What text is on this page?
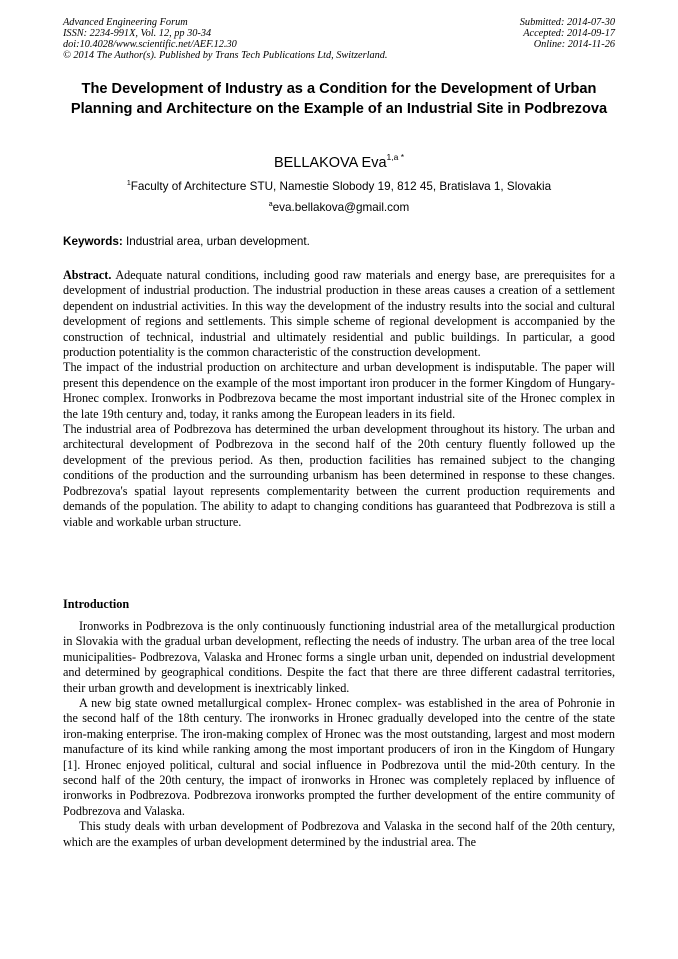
Advanced Engineering Forum
ISSN: 2234-991X, Vol. 12, pp 30-34
doi:10.4028/www.scientific.net/AEF.12.30
© 2014 The Author(s). Published by Trans Tech Publications Ltd, Switzerland.
Submitted: 2014-07-30
Accepted: 2014-09-17
Online: 2014-11-26
The Development of Industry as a Condition for the Development of Urban Planning and Architecture on the Example of an Industrial Site in Podbrezova
BELLAKOVA Eva$^{1,a *}$
$^1$Faculty of Architecture STU, Namestie Slobody 19, 812 45, Bratislava 1, Slovakia
$^a$eva.bellakova@gmail.com
Keywords: Industrial area, urban development.

Abstract. Adequate natural conditions, including good raw materials and energy base, are prerequisites for a development of industrial production. The industrial production in these areas causes a creation of a settlement dependent on industrial activities. In this way the development of the industry results into the social and cultural development of regions and settlements. This simple scheme of regional development is accompanied by the construction of technical, industrial and ultimately residential and public buildings. In particular, a good production potentiality is the common characteristic of the construction development.

The impact of the industrial production on architecture and urban development is indisputable. The paper will present this dependence on the example of the most important iron producer in the former Kingdom of Hungary- Hronec complex. Ironworks in Podbrezova became the most important industrial site of the Hronec complex in the late 19th century and, today, it ranks among the European leaders in its field.

The industrial area of Podbrezova has determined the urban development throughout its history. The urban and architectural development of Podbrezova in the second half of the 20th century fluently followed up the development of the previous period. As then, production facilities has remained subject to the changing conditions of the production and the surrounding urbanism has been determined in response to these changes. Podbrezova's spatial layout represents complementarity between the current production requirements and demands of the population. The ability to adapt to changing conditions has guaranteed that Podbrezova is still a viable and workable urban structure.

Introduction

Ironworks in Podbrezova is the only continuously functioning industrial area of the metallurgical production in Slovakia with the gradual urban development, reflecting the needs of industry. The urban area of the tree local municipalities- Podbrezova, Valaska and Hronec forms a single urban unit, depended on industrial development and determined by geographical conditions. Despite the fact that there are three different cadastral territories, their urban growth and development is inextricably linked.

A new big state owned metallurgical complex- Hronec complex- was established in the area of Pohronie in the second half of the 18th century. The ironworks in Hronec gradually developed into the centre of the state iron-making enterprise. The iron-making complex of Hronec was the most outstanding, largest and most modern manufacture of its kind while ranking among the most important producers of iron in the Kingdom of Hungary [1]. Hronec enjoyed political, cultural and social influence in Podbrezova until the mid-20th century. In the second half of the 20th century, the impact of ironworks in Hronec was completely replaced by influence of ironworks in Podbrezova. Podbrezova ironworks prompted the further development of the entire community of Podbrezova and Valaska.

This study deals with urban development of Podbrezova and Valaska in the second half of the 20th century, which are the examples of urban development determined by the industrial area. The
